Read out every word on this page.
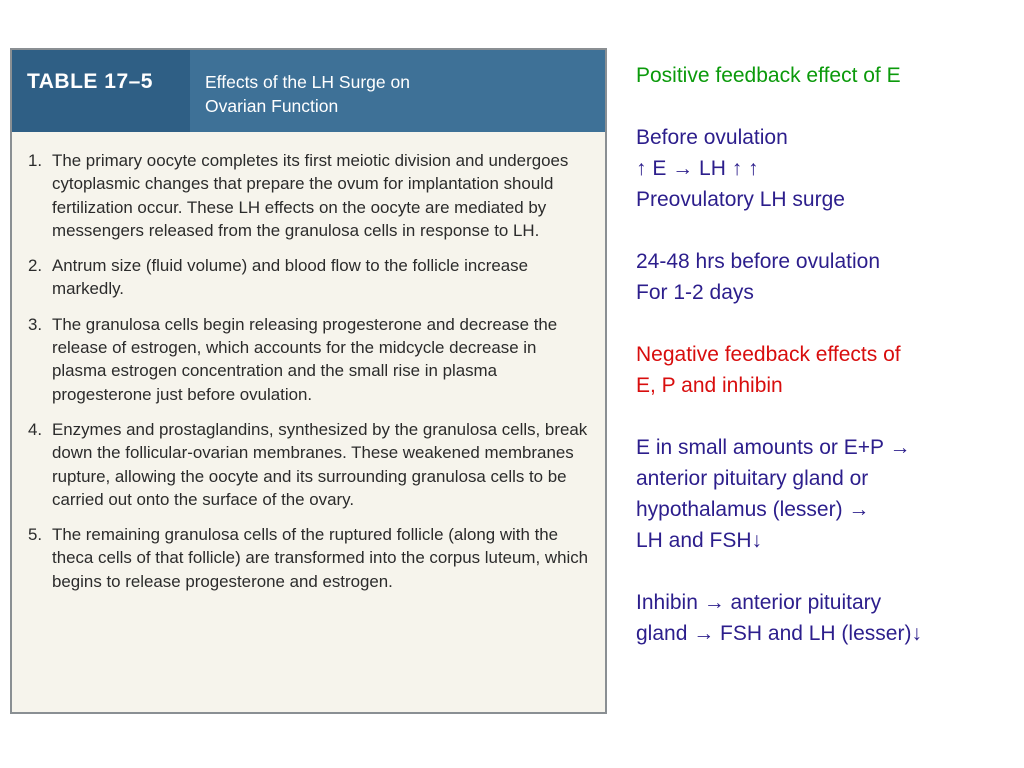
TABLE 17–5	Effects of the LH Surge on
Ovarian Function
1. The primary oocyte completes its first meiotic division and undergoes cytoplasmic changes that prepare the ovum for implantation should fertilization occur. These LH effects on the oocyte are mediated by messengers released from the granulosa cells in response to LH.
2. Antrum size (fluid volume) and blood flow to the follicle increase markedly.
3. The granulosa cells begin releasing progesterone and decrease the release of estrogen, which accounts for the midcycle decrease in plasma estrogen concentration and the small rise in plasma progesterone just before ovulation.
4. Enzymes and prostaglandins, synthesized by the granulosa cells, break down the follicular-ovarian membranes. These weakened membranes rupture, allowing the oocyte and its surrounding granulosa cells to be carried out onto the surface of the ovary.
5. The remaining granulosa cells of the ruptured follicle (along with the theca cells of that follicle) are transformed into the corpus luteum, which begins to release progesterone and estrogen.

Positive feedback effect of E

Before ovulation

↑ E → LH ↑ ↑

Preovulatory LH surge

24-48 hrs before ovulation

For 1-2 days

Negative feedback effects of

E, P and inhibin

E in small amounts or E+P →

anterior pituitary gland or

hypothalamus (lesser) →

LH and FSH↓

Inhibin → anterior pituitary

gland → FSH and LH (lesser)↓
